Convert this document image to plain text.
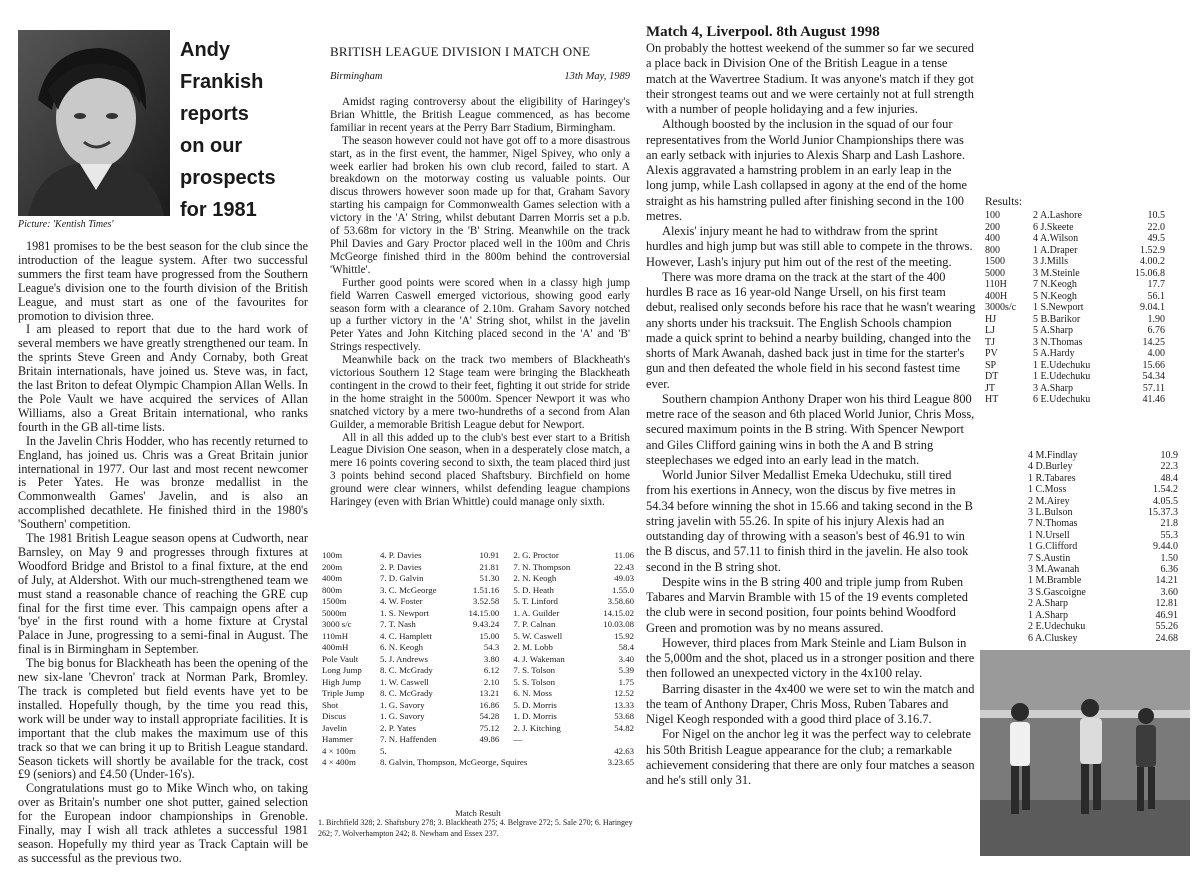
Picture: 'Kentish Times'
Andy
Frankish
reports
on our
prospects
for 1981

1981 promises to be the best season for the club since the introduction of the league system. After two successful summers the first team have progressed from the Southern League's division one to the fourth division of the British League, and must start as one of the favourites for promotion to division three.

I am pleased to report that due to the hard work of several members we have greatly strengthened our team. In the sprints Steve Green and Andy Cornaby, both Great Britain internationals, have joined us. Steve was, in fact, the last Briton to defeat Olympic Champion Allan Wells. In the Pole Vault we have acquired the services of Allan Williams, also a Great Britain international, who ranks fourth in the GB all-time lists.

In the Javelin Chris Hodder, who has recently returned to England, has joined us. Chris was a Great Britain junior international in 1977. Our last and most recent newcomer is Peter Yates. He was bronze medallist in the Commonwealth Games' Javelin, and is also an accomplished decathlete. He finished third in the 1980's 'Southern' competition.

The 1981 British League season opens at Cudworth, near Barnsley, on May 9 and progresses through fixtures at Woodford Bridge and Bristol to a final fixture, at the end of July, at Aldershot. With our much-strengthened team we must stand a reasonable chance of reaching the GRE cup final for the first time ever. This campaign opens after a 'bye' in the first round with a home fixture at Crystal Palace in June, progressing to a semi-final in August. The final is in Birmingham in September.

The big bonus for Blackheath has been the opening of the new six-lane 'Chevron' track at Norman Park, Bromley. The track is completed but field events have yet to be installed. Hopefully though, by the time you read this, work will be under way to install appropriate facilities. It is important that the club makes the maximum use of this track so that we can bring it up to British League standard. Season tickets will shortly be available for the track, cost £9 (seniors) and £4.50 (Under-16's).

Congratulations must go to Mike Winch who, on taking over as Britain's number one shot putter, gained selection for the European indoor championships in Grenoble. Finally, may I wish all track athletes a successful 1981 season. Hopefully my third year as Track Captain will be as successful as the previous two.

BRITISH LEAGUE DIVISION I MATCH ONE
Birmingham	13th May, 1989

Amidst raging controversy about the eligibility of Haringey's Brian Whittle, the British League commenced, as has become familiar in recent years at the Perry Barr Stadium, Birmingham.

The season however could not have got off to a more disastrous start, as in the first event, the hammer, Nigel Spivey, who only a week earlier had broken his own club record, failed to start. A breakdown on the motorway costing us valuable points. Our discus throwers however soon made up for that, Graham Savory starting his campaign for Commonwealth Games selection with a victory in the 'A' String, whilst debutant Darren Morris set a p.b. of 53.68m for victory in the 'B' String. Meanwhile on the track Phil Davies and Gary Proctor placed well in the 100m and Chris McGeorge finished third in the 800m behind the controversial 'Whittle'.

Further good points were scored when in a classy high jump field Warren Caswell emerged victorious, showing good early season form with a clearance of 2.10m. Graham Savory notched up a further victory in the 'A' String shot, whilst in the javelin Peter Yates and John Kitching placed second in the 'A' and 'B' Strings respectively.

Meanwhile back on the track two members of Blackheath's victorious Southern 12 Stage team were bringing the Blackheath contingent in the crowd to their feet, fighting it out stride for stride in the home straight in the 5000m. Spencer Newport it was who snatched victory by a mere two-hundreths of a second from Alan Guilder, a memorable British League debut for Newport.

All in all this added up to the club's best ever start to a British League Division One season, when in a desperately close match, a mere 16 points covering second to sixth, the team placed third just 3 points behind second placed Shaftsbury. Birchfield on home ground were clear winners, whilst defending league champions Haringey (even with Brian Whittle) could manage only sixth.

100m	4. P. Davies	10.91	2. G. Proctor	11.06
200m	2. P. Davies	21.81	7. N. Thompson	22.43
400m	7. D. Galvin	51.30	2. N. Keogh	49.03
800m	3. C. McGeorge	1.51.16	5. D. Heath	1.55.0
1500m	4. W. Foster	3.52.58	5. T. Linford	3.58.60
5000m	1. S. Newport	14.15.00	1. A. Guilder	14.15.02
3000 s/c	7. T. Nash	9.43.24	7. P. Calnan	10.03.08
110mH	4. C. Hamplett	15.00	5. W. Caswell	15.92
400mH	6. N. Keogh	54.3	2. M. Lobb	58.4
Pole Vault	5. J. Andrews	3.80	4. J. Wakeman	3.40
Long Jump	8. C. McGrady	6.12	7. S. Tolson	5.39
High Jump	1. W. Caswell	2.10	5. S. Tolson	1.75
Triple Jump	8. C. McGrady	13.21	6. N. Moss	12.52
Shot	1. G. Savory	16.86	5. D. Morris	13.33
Discus	1. G. Savory	54.28	1. D. Morris	53.68
Javelin	2. P. Yates	75.12	2. J. Kitching	54.82
Hammer	7. N. Haffenden	49.86	—	
4 × 100m	5.			42.63
4 × 400m	8. Galvin, Thompson, McGeorge, Squires			3.23.65
Match Result
1. Birchfield 328; 2. Shaftsbury 278; 3. Blackheath 275; 4. Belgrave 272; 5. Sale 270; 6. Haringey 262; 7. Wolverhampton 242; 8. Newham and Essex 237.
Match 4, Liverpool. 8th August 1998

On probably the hottest weekend of the summer so far we secured a place back in Division One of the British League in a tense match at the Wavertree Stadium. It was anyone's match if they got their strongest teams out and we were certainly not at full strength with a number of people holidaying and a few injuries.

Although boosted by the inclusion in the squad of our four representatives from the World Junior Championships there was an early setback with injuries to Alexis Sharp and Lash Lashore. Alexis aggravated a hamstring problem in an early leap in the long jump, while Lash collapsed in agony at the end of the home straight as his hamstring pulled after finishing second in the 100 metres.

Alexis' injury meant he had to withdraw from the sprint hurdles and high jump but was still able to compete in the throws. However, Lash's injury put him out of the rest of the meeting.

There was more drama on the track at the start of the 400 hurdles B race as 16 year-old Nange Ursell, on his first team debut, realised only seconds before his race that he wasn't wearing any shorts under his tracksuit. The English Schools champion made a quick sprint to behind a nearby building, changed into the shorts of Mark Awanah, dashed back just in time for the starter's gun and then defeated the whole field in his second fastest time ever.

Southern champion Anthony Draper won his third League 800 metre race of the season and 6th placed World Junior, Chris Moss, secured maximum points in the B string. With Spencer Newport and Giles Clifford gaining wins in both the A and B string steeplechases we edged into an early lead in the match.

World Junior Silver Medallist Emeka Udechuku, still tired from his exertions in Annecy, won the discus by five metres in 54.34 before winning the shot in 15.66 and taking second in the B string javelin with 55.26. In spite of his injury Alexis had an outstanding day of throwing with a season's best of 46.91 to win the B discus, and 57.11 to finish third in the javelin. He also took second in the B string shot.

Despite wins in the B string 400 and triple jump from Ruben Tabares and Marvin Bramble with 15 of the 19 events completed the club were in second position, four points behind Woodford Green and promotion was by no means assured.

However, third places from Mark Steinle and Liam Bulson in the 5,000m and the shot, placed us in a stronger position and there then followed an unexpected victory in the 4x100 relay.

Barring disaster in the 4x400 we were set to win the match and the team of Anthony Draper, Chris Moss, Ruben Tabares and Nigel Keogh responded with a good third place of 3.16.7.

For Nigel on the anchor leg it was the perfect way to celebrate his 50th British League appearance for the club; a remarkable achievement considering that there are only four matches a season and he's still only 31.

Results:
100	2 A.Lashore	10.5
200	6 J.Skeete	22.0
400	4 A.Wilson	49.5
800	1 A.Draper	1.52.9
1500	3 J.Mills	4.00.2
5000	3 M.Steinle	15.06.8
110H	7 N.Keogh	17.7
400H	5 N.Keogh	56.1
3000s/c	1 S.Newport	9.04.1
HJ	5 B.Barikor	1.90
LJ	5 A.Sharp	6.76
TJ	3 N.Thomas	14.25
PV	5 A.Hardy	4.00
SP	1 E.Udechuku	15.66
DT	1 E.Udechuku	54.34
JT	3 A.Sharp	57.11
HT	6 E.Udechuku	41.46
4 M.Findlay	10.9
4 D.Burley	22.3
1 R.Tabares	48.4
1 C.Moss	1.54.2
2 M.Airey	4.05.5
3 L.Bulson	15.37.3
7 N.Thomas	21.8
1 N.Ursell	55.3
1 G.Clifford	9.44.0
7 S.Austin	1.50
3 M.Awanah	6.36
1 M.Bramble	14.21
3 S.Gascoigne	3.60
2 A.Sharp	12.81
1 A.Sharp	46.91
2 E.Udechuku	55.26
6 A.Cluskey	24.68
